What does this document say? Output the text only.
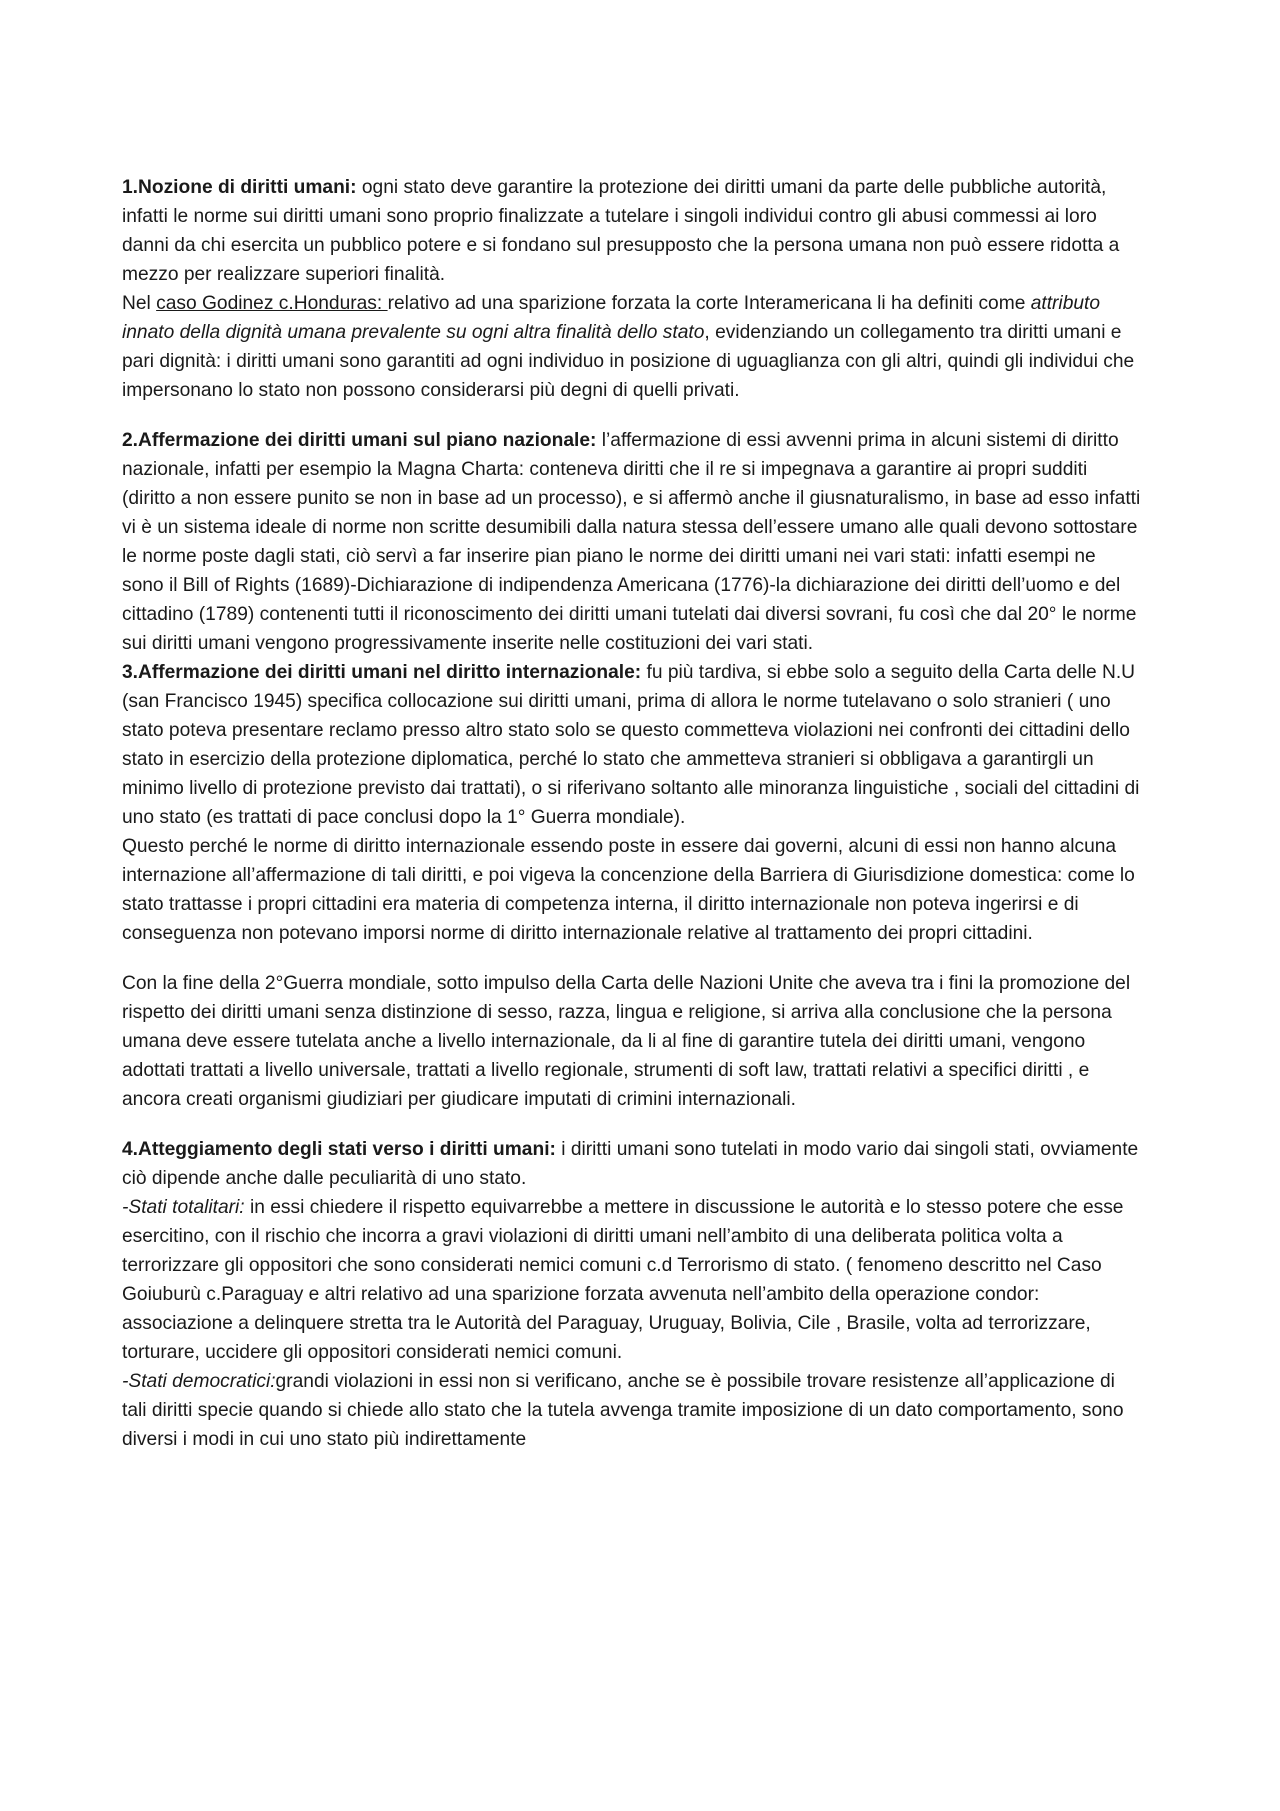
1.Nozione di diritti umani: ogni stato deve garantire la protezione dei diritti umani da parte delle pubbliche autorità, infatti le norme sui diritti umani sono proprio finalizzate a tutelare i singoli individui contro gli abusi commessi ai loro danni da chi esercita un pubblico potere e si fondano sul presupposto che la persona umana non può essere ridotta a mezzo per realizzare superiori finalità.

Nel caso Godinez c.Honduras: relativo ad una sparizione forzata la corte Interamericana li ha definiti come attributo innato della dignità umana prevalente su ogni altra finalità dello stato, evidenziando un collegamento tra diritti umani e pari dignità: i diritti umani sono garantiti ad ogni individuo in posizione di uguaglianza con gli altri, quindi gli individui che impersonano lo stato non possono considerarsi più degni di quelli privati.

2.Affermazione dei diritti umani sul piano nazionale: l’affermazione di essi avvenni prima in alcuni sistemi di diritto nazionale, infatti per esempio la Magna Charta: conteneva diritti che il re si impegnava a garantire ai propri sudditi (diritto a non essere punito se non in base ad un processo), e si affermò anche il giusnaturalismo, in base ad esso infatti vi è un sistema ideale di norme non scritte desumibili dalla natura stessa dell’essere umano alle quali devono sottostare le norme poste dagli stati, ciò servì a far inserire pian piano le norme dei diritti umani nei vari stati: infatti esempi ne sono il Bill of Rights (1689)-Dichiarazione di indipendenza Americana (1776)-la dichiarazione dei diritti dell’uomo e del cittadino (1789) contenenti tutti il riconoscimento dei diritti umani tutelati dai diversi sovrani, fu così che dal 20° le norme sui diritti umani vengono progressivamente inserite nelle costituzioni dei vari stati.

3.Affermazione dei diritti umani nel diritto internazionale: fu più tardiva, si ebbe solo a seguito della Carta delle N.U (san Francisco 1945) specifica collocazione sui diritti umani, prima di allora le norme tutelavano o solo stranieri ( uno stato poteva presentare reclamo presso altro stato solo se questo commetteva violazioni nei confronti dei cittadini dello stato in esercizio della protezione diplomatica, perché lo stato che ammetteva stranieri si obbligava a garantirgli un minimo livello di protezione previsto dai trattati), o si riferivano soltanto alle minoranza linguistiche , sociali del cittadini di uno stato (es trattati di pace conclusi dopo la 1° Guerra mondiale).

Questo perché le norme di diritto internazionale essendo poste in essere dai governi, alcuni di essi non hanno alcuna internazione all’affermazione di tali diritti, e poi vigeva la concenzione della Barriera di Giurisdizione domestica: come lo stato trattasse i propri cittadini era materia di competenza interna, il diritto internazionale non poteva ingerirsi e di conseguenza non potevano imporsi norme di diritto internazionale relative al trattamento dei propri cittadini.

Con la fine della 2°Guerra mondiale, sotto impulso della Carta delle Nazioni Unite che aveva tra i fini la promozione del rispetto dei diritti umani senza distinzione di sesso, razza, lingua e religione, si arriva alla conclusione che la persona umana deve essere tutelata anche a livello internazionale, da li al fine di garantire tutela dei diritti umani, vengono adottati trattati a livello universale, trattati a livello regionale, strumenti di soft law, trattati relativi a specifici diritti , e ancora creati organismi giudiziari per giudicare imputati di crimini internazionali.

4.Atteggiamento degli stati verso i diritti umani: i diritti umani sono tutelati in modo vario dai singoli stati, ovviamente ciò dipende anche dalle peculiarità di uno stato.

-Stati totalitari: in essi chiedere il rispetto equivarrebbe a mettere in discussione le autorità e lo stesso potere che esse esercitino, con il rischio che incorra a gravi violazioni di diritti umani nell’ambito di una deliberata politica volta a terrorizzare gli oppositori che sono considerati nemici comuni c.d Terrorismo di stato. ( fenomeno descritto nel Caso Goiuburù c.Paraguay e altri relativo ad una sparizione forzata avvenuta nell’ambito della operazione condor: associazione a delinquere stretta tra le Autorità del Paraguay, Uruguay, Bolivia, Cile , Brasile, volta ad terrorizzare, torturare, uccidere gli oppositori considerati nemici comuni.

-Stati democratici:grandi violazioni in essi non si verificano, anche se è possibile trovare resistenze all’applicazione di tali diritti specie quando si chiede allo stato che la tutela avvenga tramite imposizione di un dato comportamento, sono diversi i modi in cui uno stato più indirettamente
